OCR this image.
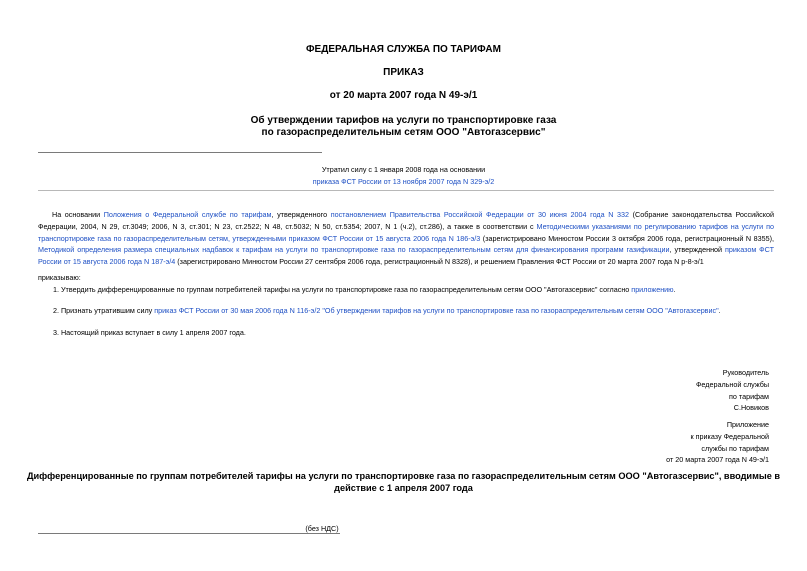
ФЕДЕРАЛЬНАЯ СЛУЖБА ПО ТАРИФАМ
ПРИКАЗ
от 20 марта 2007 года N 49-э/1
Об утверждении тарифов на услуги по транспортировке газа
по газораспределительным сетям ООО "Автогазсервис"
Утратил силу с 1 января 2008 года на основании
приказа ФСТ России от 13 ноября 2007 года N 329-э/2
На основании Положения о Федеральной службе по тарифам, утвержденного постановлением Правительства Российской Федерации от 30 июня 2004 года N 332 (Собрание законодательства Российской Федерации, 2004, N 29, ст.3049; 2006, N 3, ст.301; N 23, ст.2522; N 48, ст.5032; N 50, ст.5354; 2007, N 1 (ч.2), ст.286), а также в соответствии с Методическими указаниями по регулированию тарифов на услуги по транспортировке газа по газораспределительным сетям, утвержденными приказом ФСТ России от 15 августа 2006 года N 186-э/3 (зарегистрировано Минюстом России 3 октября 2006 года, регистрационный N 8355), Методикой определения размера специальных надбавок к тарифам на услуги по транспортировке газа по газораспределительным сетям для финансирования программ газификации, утвержденной приказом ФСТ России от 15 августа 2006 года N 187-э/4 (зарегистрировано Минюстом России 27 сентября 2006 года, регистрационный N 8328), и решением Правления ФСТ России от 20 марта 2007 года N р-8-э/1
приказываю:
1. Утвердить дифференцированные по группам потребителей тарифы на услуги по транспортировке газа по газораспределительным сетям ООО "Автогазсервис" согласно приложению.
2. Признать утратившим силу приказ ФСТ России от 30 мая 2006 года N 116-э/2 "Об утверждении тарифов на услуги по транспортировке газа по газораспределительным сетям ООО "Автогазсервис".
3. Настоящий приказ вступает в силу 1 апреля 2007 года.
Руководитель
Федеральной службы
по тарифам
С.Новиков
Приложение
к приказу Федеральной
службы по тарифам
от 20 марта 2007 года N 49-э/1
Дифференцированные по группам потребителей тарифы на услуги по транспортировке газа по газораспределительным сетям ООО "Автогазсервис", вводимые в
действие с 1 апреля 2007 года
(без НДС)
